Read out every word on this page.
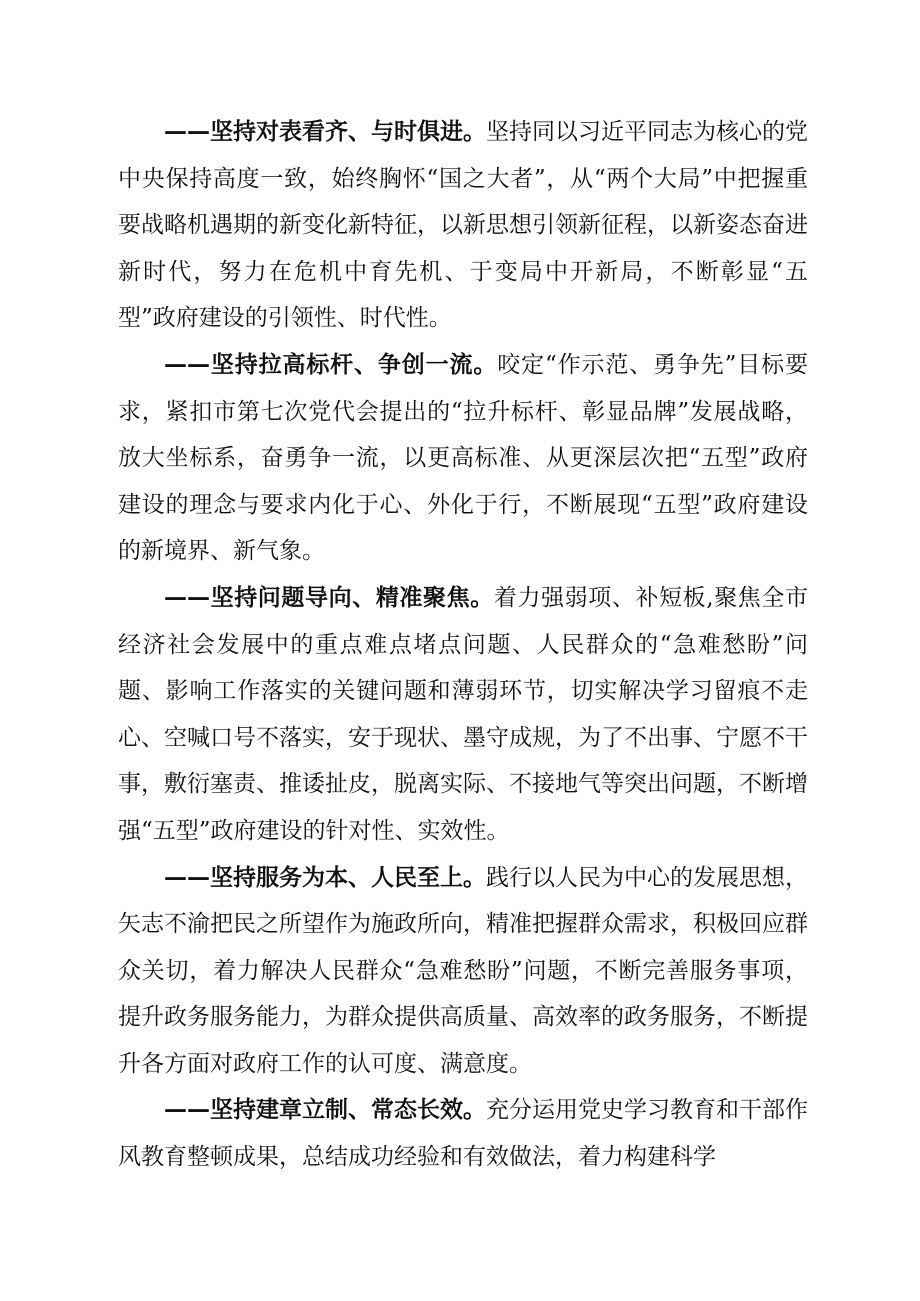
——坚持对表看齐、与时俱进。坚持同以习近平同志为核心的党中央保持高度一致，始终胸怀“国之大者”，从“两个大局”中把握重要战略机遇期的新变化新特征，以新思想引领新征程，以新姿态奋进新时代，努力在危机中育先机、于变局中开新局，不断彰显“五型”政府建设的引领性、时代性。

——坚持拉高标杆、争创一流。咬定“作示范、勇争先”目标要求，紧扣市第七次党代会提出的“拉升标杆、彰显品牌”发展战略，放大坐标系，奋勇争一流，以更高标准、从更深层次把“五型”政府建设的理念与要求内化于心、外化于行，不断展现“五型”政府建设的新境界、新气象。

——坚持问题导向、精准聚焦。着力强弱项、补短板,聚焦全市经济社会发展中的重点难点堵点问题、人民群众的“急难愁盼”问题、影响工作落实的关键问题和薄弱环节，切实解决学习留痕不走心、空喊口号不落实，安于现状、墨守成规，为了不出事、宁愿不干事，敷衍塞责、推诿扯皮，脱离实际、不接地气等突出问题，不断增强“五型”政府建设的针对性、实效性。

——坚持服务为本、人民至上。践行以人民为中心的发展思想，矢志不渝把民之所望作为施政所向，精准把握群众需求，积极回应群众关切，着力解决人民群众“急难愁盼”问题，不断完善服务事项，提升政务服务能力，为群众提供高质量、高效率的政务服务，不断提升各方面对政府工作的认可度、满意度。

——坚持建章立制、常态长效。充分运用党史学习教育和干部作风教育整顿成果，总结成功经验和有效做法，着力构建科学
